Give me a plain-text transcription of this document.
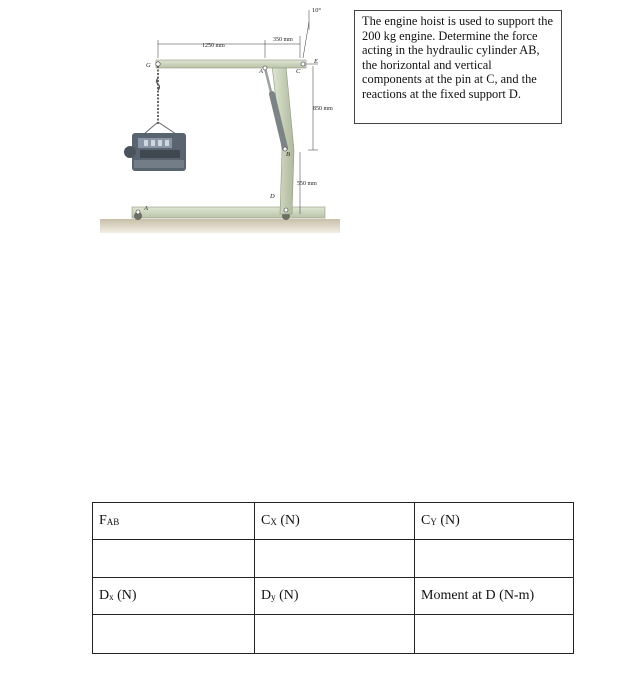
10°
1250 mm
350 mm
850 mm
550 mm
G
A	C
E
B
D
A
The engine hoist is used to support the 200 kg engine. Determine the force acting in the hydraulic cylinder AB, the horizontal and vertical components at the pin at C, and the reactions at the fixed support D.
$F_{AB}$	$C_X$ (N)	$C_Y$ (N)

$D_x$ (N)	$D_y$ (N)	Moment at D (N-m)
